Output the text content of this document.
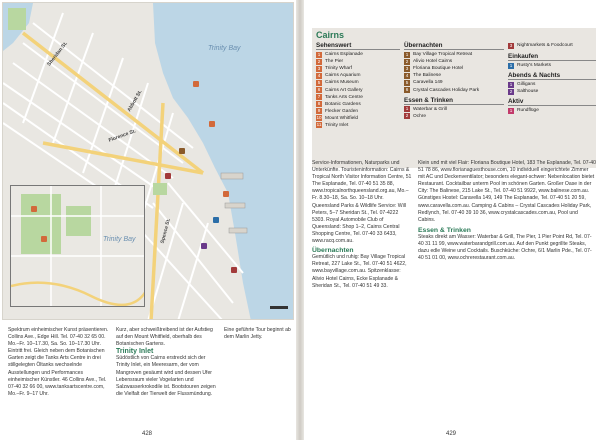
Trinity Bay
Sheridan St.
Florence St.
Spence St.
Abbott St.
Trinity Bay

Spektrum einheimischer Kunst präsentieren. Collins Ave., Edge Hill. Tel. 07-40 32 65 00. Mo.–Fr. 10–17.30, Sa. So. 10–17.30 Uhr. Eintritt frei. Gleich neben dem Botanischen Garten zeigt die Tanks Arts Centre in drei stillgelegten Öltanks wechselnde Ausstellungen und Performances einheimischer Künstler. 46 Collins Ave., Tel. 07-40 32 66 00, www.tanksartscentre.com, Mo.–Fr. 9–17 Uhr.

Kurz, aber schweißtreibend ist der Aufstieg auf den Mount Whitfield, oberhalb des Botanischen Gartens.

Trinity Inlet

Südöstlich von Cairns erstreckt sich der Trinity Inlet, ein Meeresarm, der vom Mangroven gesäumt wird und dessen Ufer Lebensraum vieler Vogelarten und Salzwasserkrokodile ist. Bootstouren zeigen die Vielfalt der Tierwelt der Flussmündung.

Eine geführte Tour beginnt ab dem Marlin Jetty.

428
Cairns
Sehenswert
1 Cairns Esplanade
2 The Pier
3 Trinity Wharf
4 Cairns Aquarium
5 Cairns Museum
6 Cairns Art Gallery
7 Tanks Arts Centre
8 Botanic Gardens
9 Flecker Garden
10 Mount Whitfield
11 Trinity Inlet
Übernachten
1 Bay Village Tropical Retreat
2 Alivio Hotel Cairns
3 Floriana Boutique Hotel
4 The Balinese
5 Caravella 149
6 Crystal Cascades Holiday Park
Essen & Trinken
1 Waterbar & Grill
2 Ochre
3 Nightmarkets & Foodcourt
Einkaufen
1 Rusty's Markets
Abends & Nachts
1 Gilligans
2 Salthouse
Aktiv
1 Rundflüge

Service-Informationen, Naturparks und Unterkünfte. Touristeninformation: Cairns & Tropical North Visitor Information Centre, 51 The Esplanade, Tel. 07-40 51 35 88, www.tropicalnorthqueensland.org.au, Mo.–Fr. 8.30–18, Sa. So. 10–18 Uhr. Queensland Parks & Wildlife Service: Will Peters, 5–7 Sheridan St., Tel. 07-4222 5303. Royal Automobile Club of Queensland: Shop 1–2, Cairns Central Shopping Centre, Tel. 07-40 33 6433, www.racq.com.au.

Übernachten

Gemütlich und ruhig: Bay Village Tropical Retreat, 227 Lake St., Tel. 07-40 51 4622, www.bayvillage.com.au. Spitzenklasse: Alivio Hotel Cairns, Ecke Esplanade & Sheridan St., Tel. 07-40 51 49 33.

Klein und mit viel Flair: Floriana Boutique Hotel, 183 The Esplanade, Tel. 07-40 51 78 86, www.florianaguesthouse.com, 10 individuell eingerichtete Zimmer mit AC und Deckenventilator; besonders elegant-schwer: Nebenlocation bietet Restaurant. Cocktailbar unterm Pool im schönen Garten. Großer Oase in der City: The Balinese, 215 Lake St., Tel. 07-40 51 9922, www.balinese.com.au. Günstiges Hostel: Caravella 149, 149 The Esplanade, Tel. 07-40 51 20 59, www.caravella.com.au. Camping & Cabins – Crystal Cascades Holiday Park, Redlynch, Tel. 07-40 39 10 36, www.crystalcascades.com.au, Pool und Cabins.

Essen & Trinken

Steaks direkt am Wasser: Waterbar & Grill, The Pier, 1 Pier Point Rd, Tel. 07-40 31 11 99, www.waterbarandgrill.com.au. Auf den Punkt gegrillte Steaks, dazu edle Weine und Cocktails. Buschküche: Ochre, 6/1 Marlin Pde., Tel. 07-40 51 01 00, www.ochrerestaurant.com.au.

429
